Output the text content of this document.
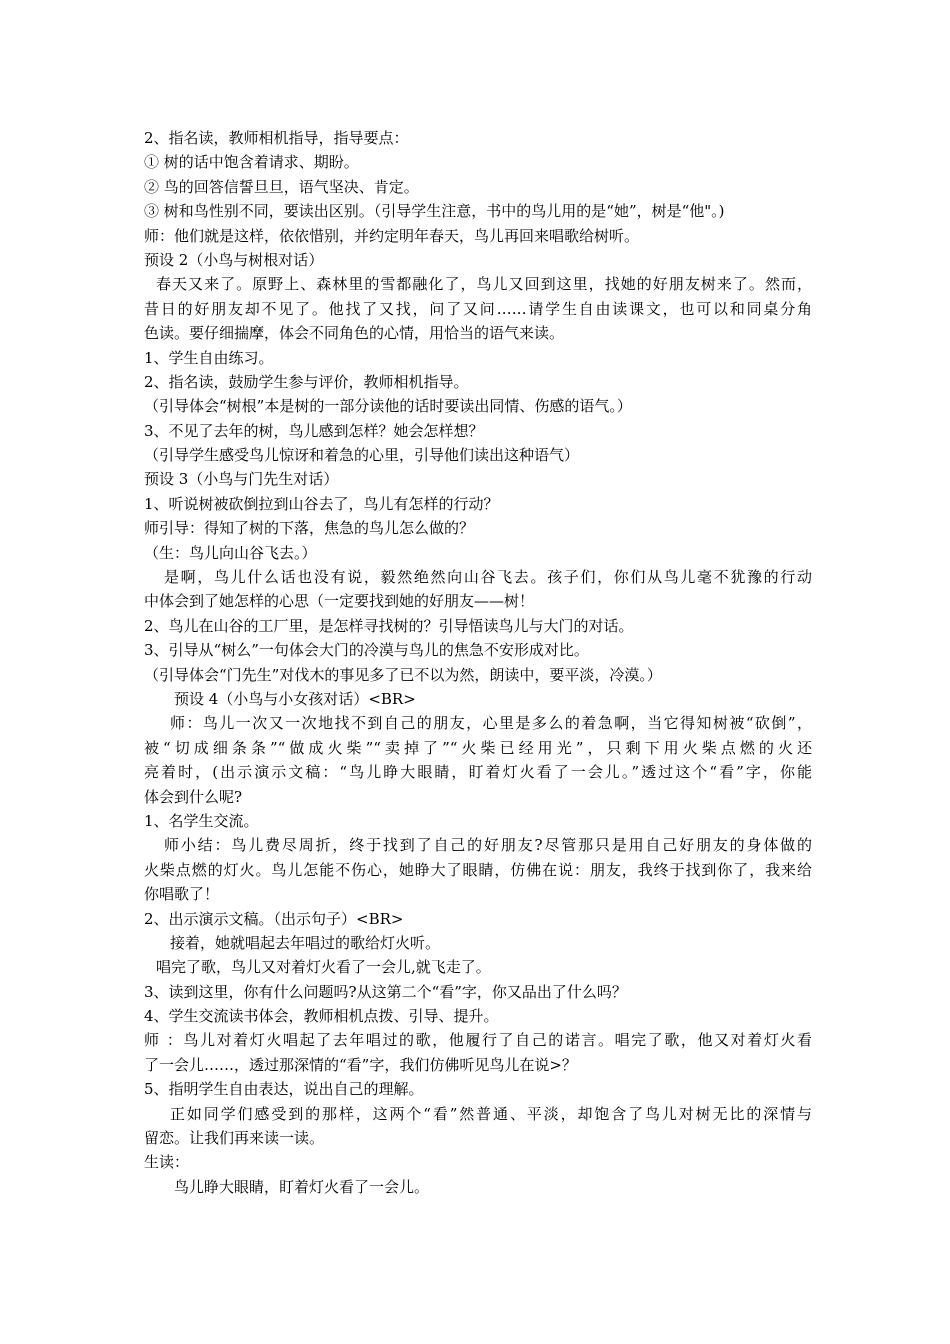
2、指名读，教师相机指导，指导要点：
① 树的话中饱含着请求、期盼。
② 鸟的回答信誓旦旦，语气坚决、肯定。
③ 树和鸟性别不同，要读出区别。（引导学生注意，书中的鸟儿用的是“她”，树是“他"。)
师：他们就是这样，依依惜别，并约定明年春天，鸟儿再回来唱歌给树听。
预设 2（小鸟与树根对话）
春天又来了。原野上、森林里的雪都融化了，鸟儿又回到这里，找她的好朋友树来了。然而，
昔日的好朋友却不见了。他找了又找，问了又问……请学生自由读课文，也可以和同桌分角
色读。要仔细揣摩，体会不同角色的心情，用恰当的语气来读。
1、学生自由练习。
2、指名读，鼓励学生参与评价，教师相机指导。
（引导体会“树根”本是树的一部分读他的话时要读出同情、伤感的语气。）
3、不见了去年的树，鸟儿感到怎样？她会怎样想？
（引导学生感受鸟儿惊讶和着急的心里，引导他们读出这种语气）
预设 3（小鸟与门先生对话）
1、听说树被砍倒拉到山谷去了，鸟儿有怎样的行动？
师引导：得知了树的下落，焦急的鸟儿怎么做的？
（生：鸟儿向山谷飞去。）
是啊，鸟儿什么话也没有说，毅然绝然向山谷飞去。孩子们，你们从鸟儿毫不犹豫的行动
中体会到了她怎样的心思（一定要找到她的好朋友——树！
2、鸟儿在山谷的工厂里，是怎样寻找树的？引导悟读鸟儿与大门的对话。
3、引导从“树么”一句体会大门的冷漠与鸟儿的焦急不安形成对比。
（引导体会“门先生”对伐木的事见多了已不以为然，朗读中，要平淡，冷漠。）
预设 4（小鸟与小女孩对话）<BR>
师：鸟儿一次又一次地找不到自己的朋友，心里是多么的着急啊，当它得知树被“砍倒”，
被“切成细条条”“做成火柴”“卖掉了”“火柴已经用光”，只剩下用火柴点燃的火还
亮着时，(出示演示文稿：“鸟儿睁大眼睛，盯着灯火看了一会儿。”透过这个“看”字，你能
体会到什么呢?
1、名学生交流。
师小结：鸟儿费尽周折，终于找到了自己的好朋友?尽管那只是用自己好朋友的身体做的
火柴点燃的灯火。鸟儿怎能不伤心，她睁大了眼睛，仿佛在说：朋友，我终于找到你了，我来给
你唱歌了！
2、出示演示文稿。（出示句子）<BR>
接着，她就唱起去年唱过的歌给灯火听。
唱完了歌，鸟儿又对着灯火看了一会儿,就飞走了。
3、读到这里，你有什么问题吗?从这第二个“看”字，你又品出了什么吗？
4、学生交流读书体会，教师相机点拨、引导、提升。
师 ：鸟儿对着灯火唱起了去年唱过的歌，他履行了自己的诺言。唱完了歌，他又对着灯火看
了一会儿……，透过那深情的“看”字，我们仿佛听见鸟儿在说>？
5、指明学生自由表达，说出自己的理解。
正如同学们感受到的那样，这两个“看”然普通、平淡，却饱含了鸟儿对树无比的深情与
留恋。让我们再来读一读。
生读：
鸟儿睁大眼睛，盯着灯火看了一会儿。
